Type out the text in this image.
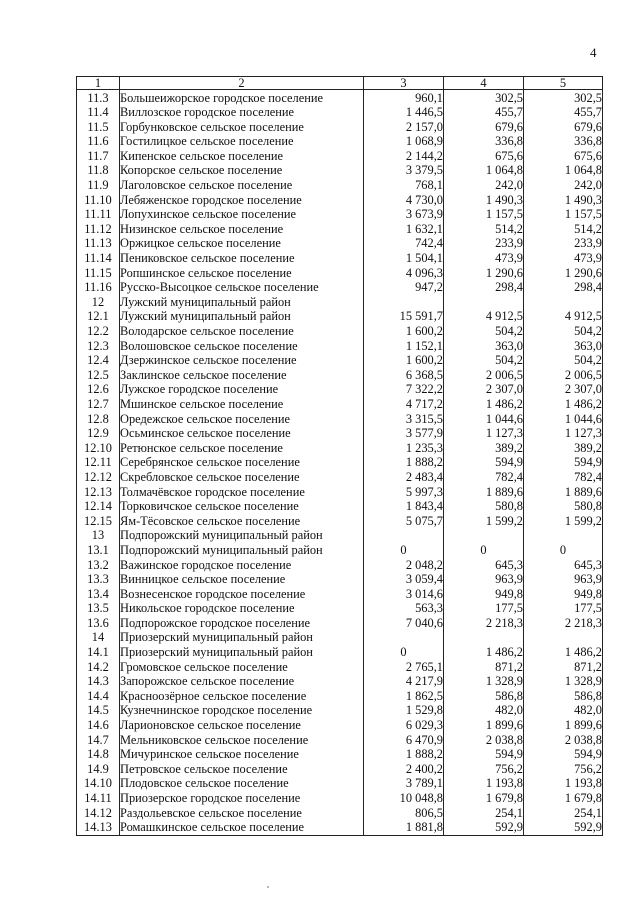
4
1	2	3	4	5
11.3	Большеижорское городское поселение	960,1	302,5	302,5
11.4	Виллозское городское поселение	1 446,5	455,7	455,7
11.5	Горбунковское сельское поселение	2 157,0	679,6	679,6
11.6	Гостилицкое сельское поселение	1 068,9	336,8	336,8
11.7	Кипенское сельское поселение	2 144,2	675,6	675,6
11.8	Копорское сельское поселение	3 379,5	1 064,8	1 064,8
11.9	Лаголовское сельское поселение	768,1	242,0	242,0
11.10	Лебяженское городское поселение	4 730,0	1 490,3	1 490,3
11.11	Лопухинское сельское поселение	3 673,9	1 157,5	1 157,5
11.12	Низинское сельское поселение	1 632,1	514,2	514,2
11.13	Оржицкое сельское поселение	742,4	233,9	233,9
11.14	Пениковское сельское поселение	1 504,1	473,9	473,9
11.15	Ропшинское сельское поселение	4 096,3	1 290,6	1 290,6
11.16	Русско-Высоцкое сельское поселение	947,2	298,4	298,4
12	Лужский муниципальный район			
12.1	Лужский муниципальный район	15 591,7	4 912,5	4 912,5
12.2	Володарское сельское поселение	1 600,2	504,2	504,2
12.3	Волошовское сельское поселение	1 152,1	363,0	363,0
12.4	Дзержинское сельское поселение	1 600,2	504,2	504,2
12.5	Заклинское сельское поселение	6 368,5	2 006,5	2 006,5
12.6	Лужское городское поселение	7 322,2	2 307,0	2 307,0
12.7	Мшинское сельское поселение	4 717,2	1 486,2	1 486,2
12.8	Оредежское сельское поселение	3 315,5	1 044,6	1 044,6
12.9	Осьминское сельское поселение	3 577,9	1 127,3	1 127,3
12.10	Ретюнское сельское поселение	1 235,3	389,2	389,2
12.11	Серебрянское сельское поселение	1 888,2	594,9	594,9
12.12	Скребловское сельское поселение	2 483,4	782,4	782,4
12.13	Толмачёвское городское поселение	5 997,3	1 889,6	1 889,6
12.14	Торковичское сельское поселение	1 843,4	580,8	580,8
12.15	Ям-Тёсовское сельское поселение	5 075,7	1 599,2	1 599,2
13	Подпорожский муниципальный район			
13.1	Подпорожский муниципальный район	0	0	0
13.2	Важинское городское поселение	2 048,2	645,3	645,3
13.3	Винницкое сельское поселение	3 059,4	963,9	963,9
13.4	Вознесенское городское поселение	3 014,6	949,8	949,8
13.5	Никольское городское поселение	563,3	177,5	177,5
13.6	Подпорожское городское поселение	7 040,6	2 218,3	2 218,3
14	Приозерский муниципальный район			
14.1	Приозерский муниципальный район	0	1 486,2	1 486,2
14.2	Громовское сельское поселение	2 765,1	871,2	871,2
14.3	Запорожское сельское поселение	4 217,9	1 328,9	1 328,9
14.4	Красноозёрное сельское поселение	1 862,5	586,8	586,8
14.5	Кузнечнинское городское поселение	1 529,8	482,0	482,0
14.6	Ларионовское сельское поселение	6 029,3	1 899,6	1 899,6
14.7	Мельниковское сельское поселение	6 470,9	2 038,8	2 038,8
14.8	Мичуринское сельское поселение	1 888,2	594,9	594,9
14.9	Петровское сельское поселение	2 400,2	756,2	756,2
14.10	Плодовское сельское поселение	3 789,1	1 193,8	1 193,8
14.11	Приозерское городское поселение	10 048,8	1 679,8	1 679,8
14.12	Раздольевское сельское поселение	806,5	254,1	254,1
14.13	Ромашкинское сельское поселение	1 881,8	592,9	592,9
